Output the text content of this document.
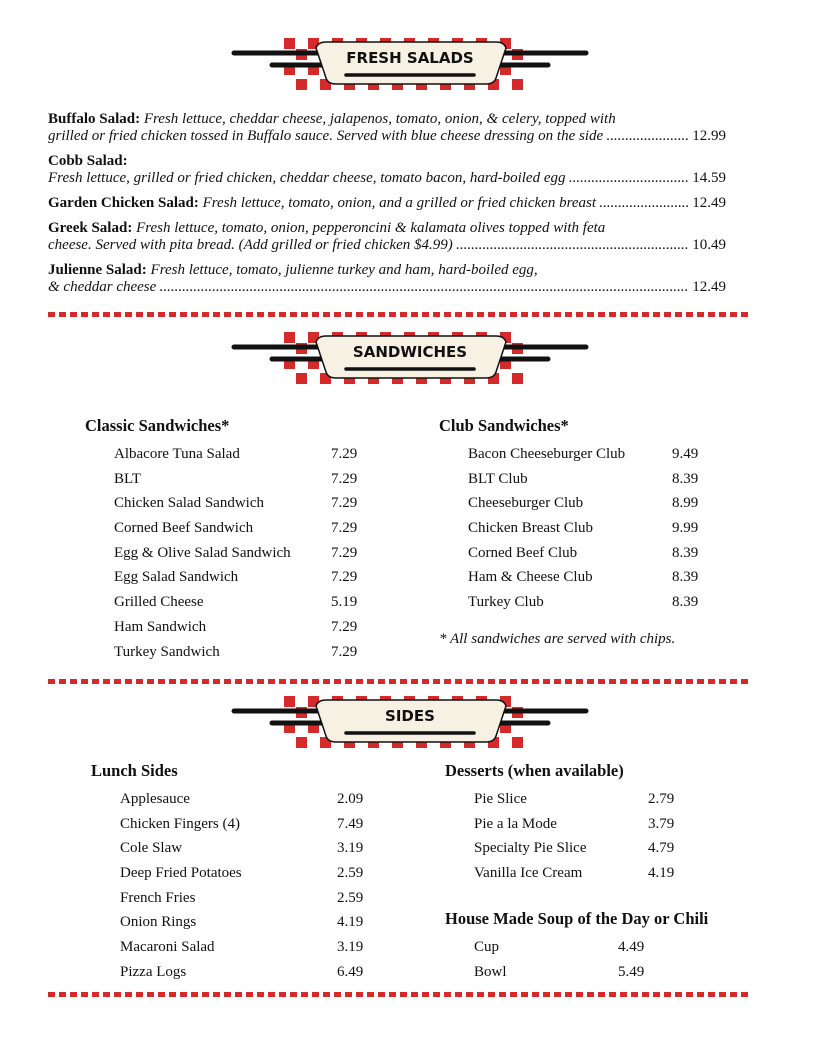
FRESH SALADS
Buffalo Salad: Fresh lettuce, cheddar cheese, jalapenos, tomato, onion, & celery, topped with
grilled or fried chicken tossed in Buffalo sauce. Served with blue cheese dressing on the side .....	12.99
Cobb Salad:
Fresh lettuce, grilled or fried chicken, cheddar cheese, tomato bacon, hard-boiled egg .....	14.59
Garden Chicken Salad:
Fresh lettuce, tomato, onion, and a grilled or fried chicken breast .....	12.49
Greek Salad: Fresh lettuce, tomato, onion, pepperoncini & kalamata olives topped with feta
cheese. Served with pita bread. (Add grilled or fried chicken $4.99) .....	10.49
Julienne Salad: Fresh lettuce, tomato, julienne turkey and ham, hard-boiled egg,
& cheddar cheese .....	12.49
SANDWICHES
Classic Sandwiches*
Albacore Tuna Salad	7.29
BLT	7.29
Chicken Salad Sandwich	7.29
Corned Beef Sandwich	7.29
Egg & Olive Salad Sandwich	7.29
Egg Salad Sandwich	7.29
Grilled Cheese	5.19
Ham Sandwich	7.29
Turkey Sandwich	7.29
Club Sandwiches*
Bacon Cheeseburger Club	9.49
BLT Club	8.39
Cheeseburger Club	8.99
Chicken Breast Club	9.99
Corned Beef Club	8.39
Ham & Cheese Club	8.39
Turkey Club	8.39
* All sandwiches are served with chips.
SIDES
Lunch Sides
Applesauce	2.09
Chicken Fingers (4)	7.49
Cole Slaw	3.19
Deep Fried Potatoes	2.59
French Fries	2.59
Onion Rings	4.19
Macaroni Salad	3.19
Pizza Logs	6.49
Desserts (when available)
Pie Slice	2.79
Pie a la Mode	3.79
Specialty Pie Slice	4.79
Vanilla Ice Cream	4.19
House Made Soup of the Day or Chili
Cup	4.49
Bowl	5.49
